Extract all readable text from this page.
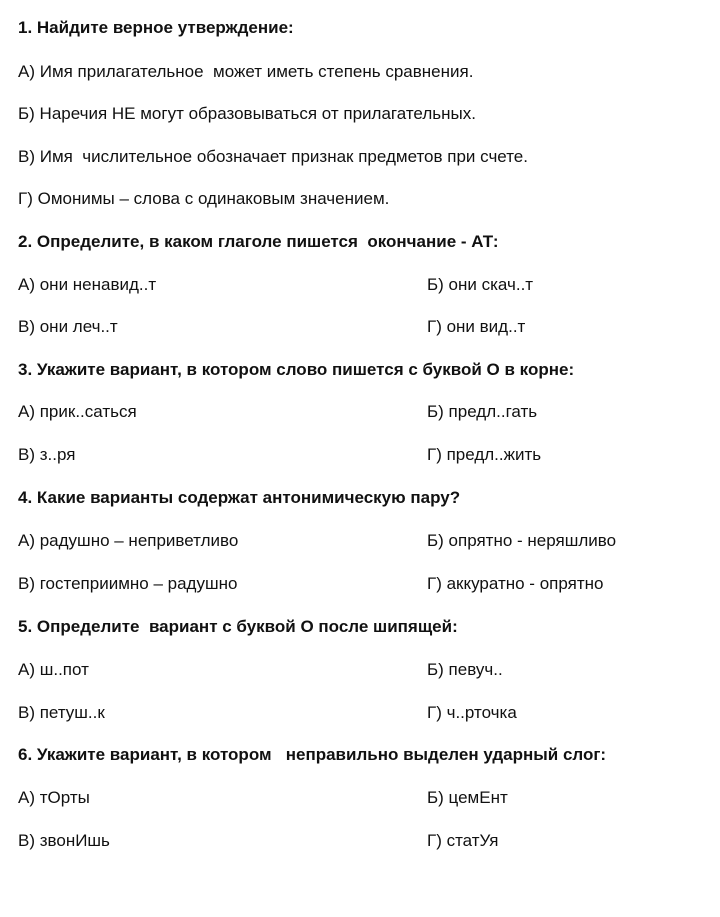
1. Найдите верное утверждение:
А) Имя прилагательное  может иметь степень сравнения.
Б) Наречия НЕ могут образовываться от прилагательных.
В) Имя  числительное обозначает признак предметов при счете.
Г) Омонимы – слова с одинаковым значением.
2. Определите, в каком глаголе пишется  окончание - АТ:
А) они ненавид..т	Б) они скач..т
В) они леч..т	Г) они вид..т
3. Укажите вариант, в котором слово пишется с буквой О в корне:
А) прик..саться	Б) предл..гать
В) з..ря	Г) предл..жить
4. Какие варианты содержат антонимическую пару?
А) радушно – неприветливо	Б) опрятно - неряшливо
В) гостеприимно – радушно	Г) аккуратно - опрятно
5. Определите  вариант с буквой О после шипящей:
А) ш..пот	Б) певуч..
В) петуш..к	Г) ч..рточка
6. Укажите вариант, в котором   неправильно выделен ударный слог:
А) тОрты	Б) цемЕнт
В) звонИшь	Г) статУя
